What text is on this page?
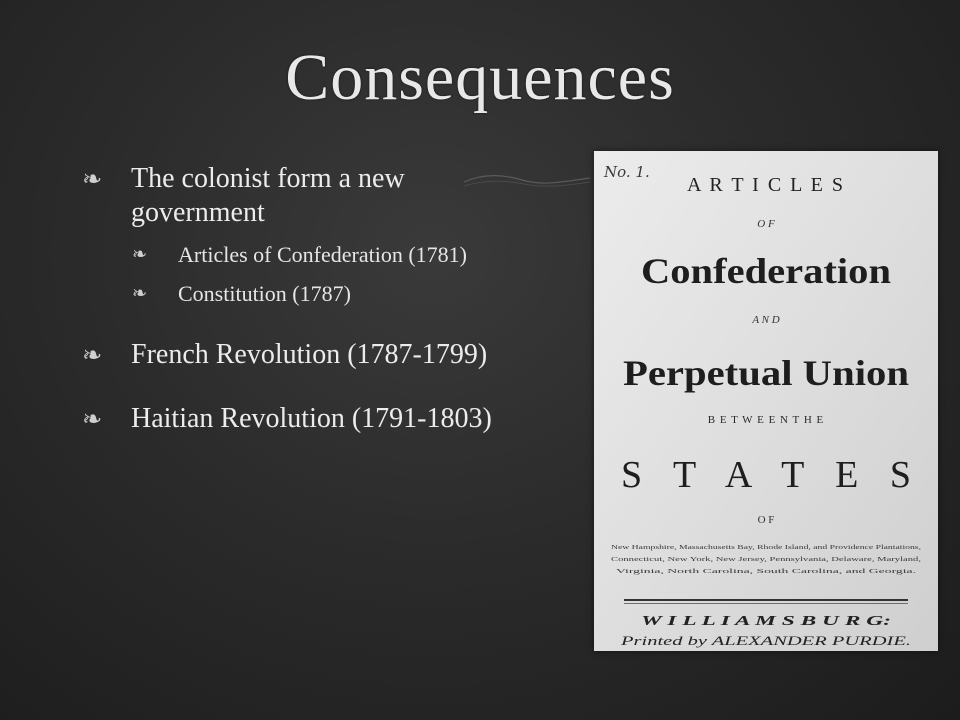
Consequences
❧ The colonist form a new government
❧ Articles of Confederation (1781)
❧ Constitution (1787)
❧ French Revolution (1787-1799)
❧ Haitian Revolution (1791-1803)
No. 1.
A R T I C L E S
O F
Confederation
A N D
Perpetual Union
B E T W E E N T H E
S T A T E S
O F
New Hampshire, Massachusetts Bay, Rhode Island, and Providence Plantations,
Connecticut, New York, New Jersey, Pennsylvania, Delaware, Maryland,
Virginia, North Carolina, South Carolina, and Georgia.
W I L L I A M S B U R G:
Printed by ALEXANDER PURDIE.
